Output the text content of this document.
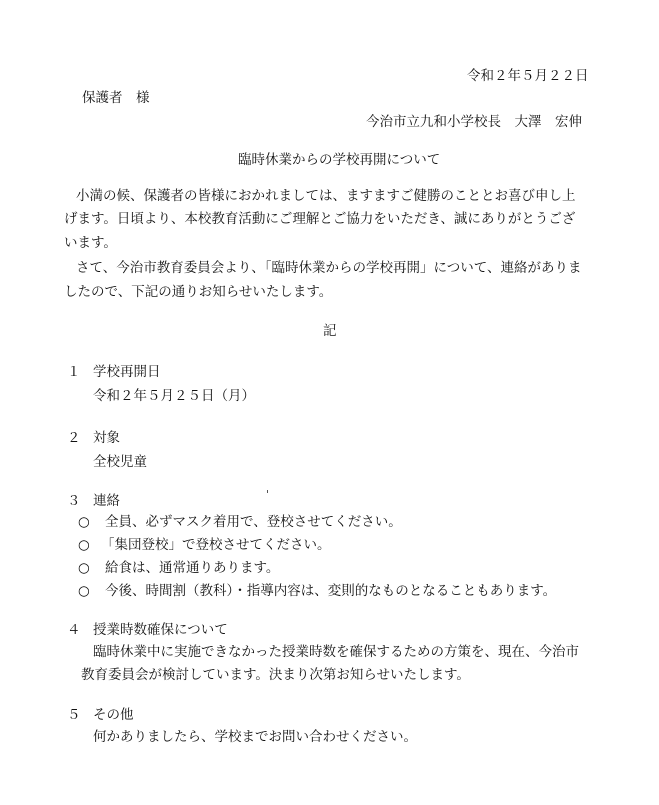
令和２年５月２２日
保護者　様
今治市立九和小学校長　大澤　宏伸
臨時休業からの学校再開について
小満の候、保護者の皆様におかれましては、ますますご健勝のこととお喜び申し上
げます。日頃より、本校教育活動にご理解とご協力をいただき、誠にありがとうござ
います。
さて、今治市教育委員会より、「臨時休業からの学校再開」について、連絡がありま
したので、下記の通りお知らせいたします。
記
１ 学校再開日
令和２年５月２５日（月）
２ 対象
全校児童
３ 連絡
○ 全員、必ずマスク着用で、登校させてください。
○ 「集団登校」で登校させてください。
○ 給食は、通常通りあります。
○ 今後、時間割（教科）・指導内容は、変則的なものとなることもあります。
４ 授業時数確保について
臨時休業中に実施できなかった授業時数を確保するための方策を、現在、今治市
教育委員会が検討しています。決まり次第お知らせいたします。
５ その他
何かありましたら、学校までお問い合わせください。
